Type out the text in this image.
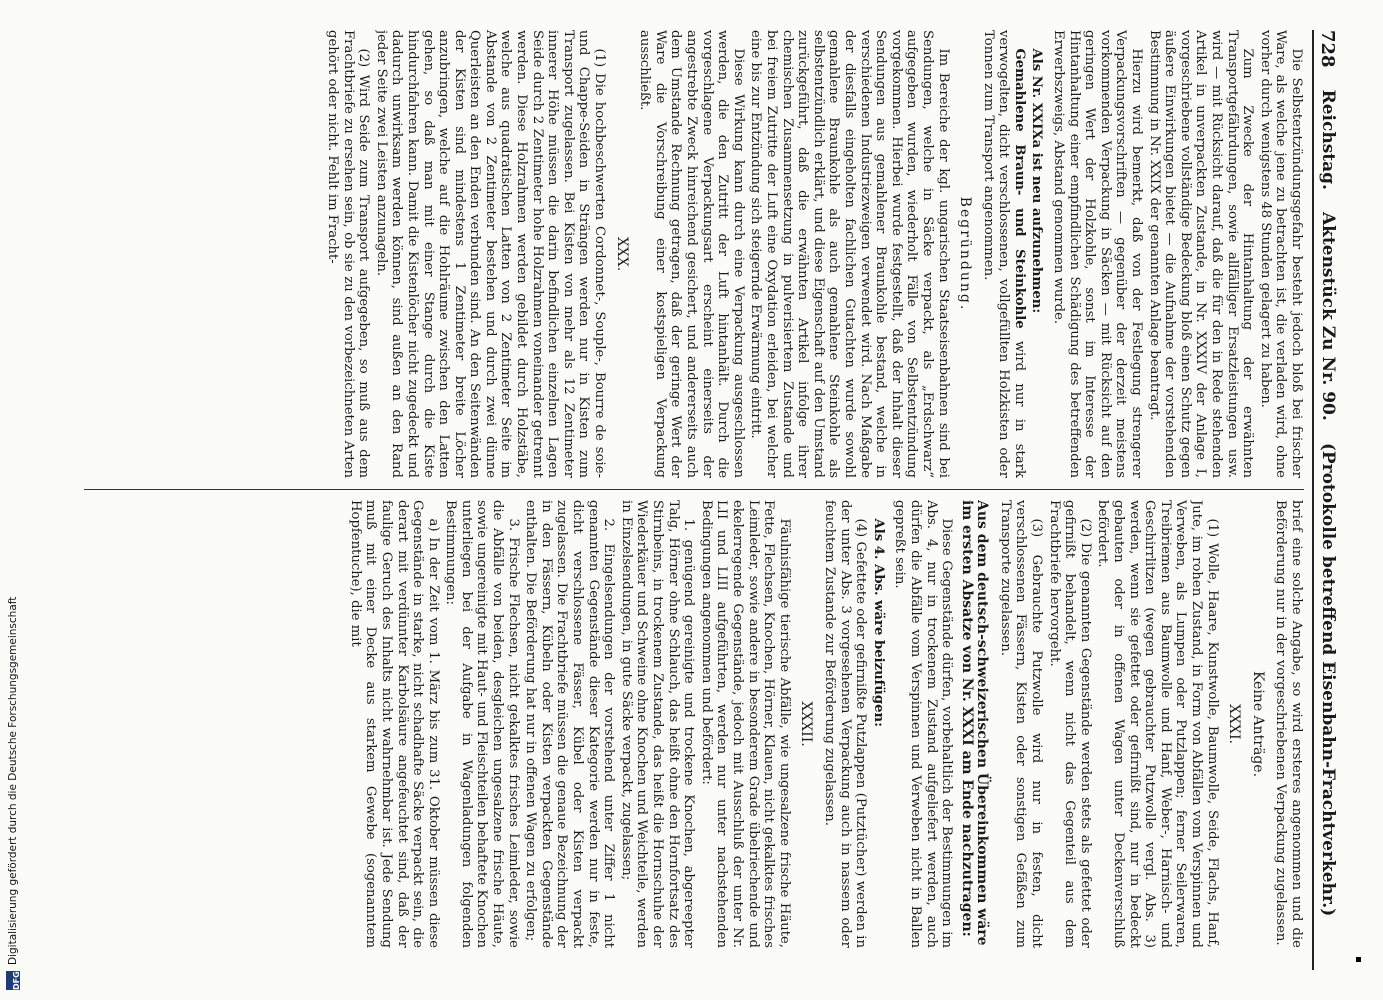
728
Reichstag.
Aktenstück Zu Nr. 90.
(Protokolle betreffend Eisenbahn-Frachtverkehr.)

Die Selbstentzündungsgefahr besteht jedoch bloß bei frischer Ware, als welche jene zu betrachten ist, die verladen wird, ohne vorher durch wenigstens 48 Stunden gelagert zu haben.

Zum Zwecke der Hintanhaltung der erwähnten Transportgefährdungen, sowie allfälliger Ersatzleistungen usw. wird — mit Rücksicht darauf, daß die für den in Rede stehenden Artikel in unverpackten Zustande, in Nr. XXXIV der Anlage I, vorgeschriebene vollständige Bedeckung bloß einen Schutz gegen äußere Einwirkungen bietet — die Aufnahme der vorstehenden Bestimmung in Nr. XXIX der genannten Anlage beantragt.

Hierzu wird bemerkt, daß von der Festlegung strengerer Verpackungsvorschriften — gegenüber der derzeit meistens vorkommenden Verpackung in Säcken — mit Rücksicht auf den geringen Wert der Holzkohle, sonst im Interesse der Hintanhaltung einer empfindlichen Schädigung des betreffenden Erwerbszweigs, Abstand genommen wurde.

Als Nr. XXIXa ist neu aufzunehmen:

Gemahlene Braun- und Steinkohle wird nur in stark verwogelten, dicht verschlossenen, vollgefüllten Holzkisten oder Tonnen zum Transport angenommen.

Begründung.

Im Bereiche der kgl. ungarischen Staatseisenbahnen sind bei Sendungen, welche in Säcke verpackt, als „Erdschwarz“ aufgegeben wurden, wiederholt Fälle von Selbstentzündung vorgekommen. Hierbei wurde festgestellt, daß der Inhalt dieser Sendungen aus gemahlener Braunkohle bestand, welche in verschiedenen Industriezweigen verwendet wird. Nach Maßgabe der diesfalls eingeholten fachlichen Gutachten wurde sowohl gemahlene Braunkohle als auch gemahlene Steinkohle als selbstentzündlich erklärt, und diese Eigenschaft auf den Umstand zurückgeführt, daß die erwähnten Artikel infolge ihrer chemischen Zusammensetzung in pulverisiertem Zustande und bei freiem Zutritte der Luft eine Oxydation erleiden, bei welcher eine bis zur Entzündung sich steigernde Erwärmung eintritt.

Diese Wirkung kann durch eine Verpackung ausgeschlossen werden, die den Zutritt der Luft hintanhält. Durch die vorgeschlagene Verpackungsart erscheint einerseits der angestrebte Zweck hinreichend gesichert, und andererseits auch dem Umstande Rechnung getragen, daß der geringe Wert der Ware die Vorschreibung einer kostspieligen Verpackung ausschließt.

XXX.

(1) Die hochbeschwerten Cordonnet-, Souple-, Bourre de soie- und Chappe-Seiden in Strängen werden nur in Kisten zum Transport zugelassen. Bei Kisten von mehr als 12 Zentimeter innerer Höhe müssen die darin befindlichen einzelnen Lagen Seide durch 2 Zentimeter hohe Holzrahmen voneinander getrennt werden. Diese Holzrahmen werden gebildet durch Holzstäbe, welche aus quadratischen Latten von 2 Zentimeter Seite im Abstande von 2 Zentimeter bestehen und durch zwei dünne Querleisten an den Enden verbunden sind. An den Seitenwänden der Kisten sind mindestens 1 Zentimeter breite Löcher anzubringen, welche auf die Hohlräume zwischen den Latten gehen, so daß man mit einer Stange durch die Kiste hindurchfahren kann. Damit die Kistenlöcher nicht zugedeckt und dadurch unwirksam werden können, sind außen an den Rand jeder Seite zwei Leisten anzunageln.

(2) Wird Seide zum Transport aufgegeben, so muß aus dem Frachtbriefe zu ersehen sein, ob sie zu den vorbezeichneten Arten gehört oder nicht. Fehlt im Fracht-

brief eine solche Angabe, so wird ersteres angenommen und die Beförderung nur in der vorgeschriebenen Verpackung zugelassen.

Keine Anträge.

XXXI.

(1) Wolle, Haare, Kunstwolle, Baumwolle, Seide, Flachs, Hanf, Jute, im rohen Zustand, in Form von Abfällen vom Verspinnen und Verweben, als Lumpen oder Putzlappen; ferner Seilerwaren, Treibriemen aus Baumwolle und Hanf, Weber-, Harnisch- und Geschirrlitzen (wegen gebrauchter Putzwolle vergl. Abs. 3) werden, wenn sie gefettet oder gefirnißt sind, nur in bedeckt gebauten oder in offenen Wagen unter Deckenverschluß befördert.

(2) Die genannten Gegenstände werden stets als gefettet oder gefirnißt behandelt, wenn nicht das Gegenteil aus dem Frachtbriefe hervorgeht.

(3) Gebrauchte Putzwolle wird nur in festen, dicht verschlossenen Fässern, Kisten oder sonstigen Gefäßen zum Transporte zugelassen.

Aus dem deutsch-schweizerischen Übereinkommen wäre im ersten Absatze von Nr. XXXI am Ende nachzutragen:

Diese Gegenstände dürfen, vorbehaltlich der Bestimmungen im Abs. 4, nur in trockenem Zustand aufgeliefert werden, auch dürfen die Abfälle vom Verspinnen und Verweben nicht in Ballen gepreßt sein.

Als 4. Abs. wäre beizufügen:

(4) Gefettete oder gefirnißte Putzlappen (Putztücher) werden in der unter Abs. 3 vorgesehenen Verpackung auch in nassem oder feuchtem Zustande zur Beförderung zugelassen.

XXXII.

Fäulnisfähige tierische Abfälle, wie ungesalzene frische Häute, Fette, Flechsen, Knochen, Hörner, Klauen, nicht gekalktes frisches Leimleder, sowie andere in besonderem Grade übelriechende und ekelerregende Gegenstände, jedoch mit Ausschluß der unter Nr. LII und LIII aufgeführten, werden nur unter nachstehenden Bedingungen angenommen und befördert:

1. genügend gereinigte und trockene Knochen, abgereepter Talg, Hörner ohne Schlauch, das heißt ohne den Hornfortsatz des Stirnbeins, in trockenem Zustande, das heißt die Hornschuhe der Wiederkäuer und Schweine ohne Knochen und Weichteile, werden in Einzelsendungen, in gute Säcke verpackt, zugelassen;

2. Eingelsendungen der vorstehend unter Ziffer 1 nicht genannten Gegenstände dieser Kategorie werden nur in feste, dicht verschlossene Fässer, Kübel oder Kisten verpackt zugelassen. Die Frachtbriefe müssen die genaue Bezeichnung der in den Fässern, Kübeln oder Kisten verpackten Gegenstände enthalten. Die Beförderung hat nur in offenen Wagen zu erfolgen;

3. Frische Flechsen, nicht gekalktes frisches Leimleder, sowie die Abfälle von beiden, desgleichen ungesalzene frische Häute, sowie ungereinigte mit Haut- und Fleischteilen behaftete Knochen unterliegen bei der Aufgabe in Wagenladungen folgenden Bestimmungen:

a) In der Zeit vom 1. März bis zum 31. Oktober müssen diese Gegenstände in starke, nicht schadhafte Säcke verpackt sein, die derart mit verdünnter Karbolsäure angefeuchtet sind, daß der faulige Geruch des Inhalts nicht wahrnehmbar ist. Jede Sendung muß mit einer Decke aus starkem Gewebe (sogenanntem Hopfentuche), die mit

DFG
Digitalisierung gefördert durch die Deutsche Forschungsgemeinschaft
